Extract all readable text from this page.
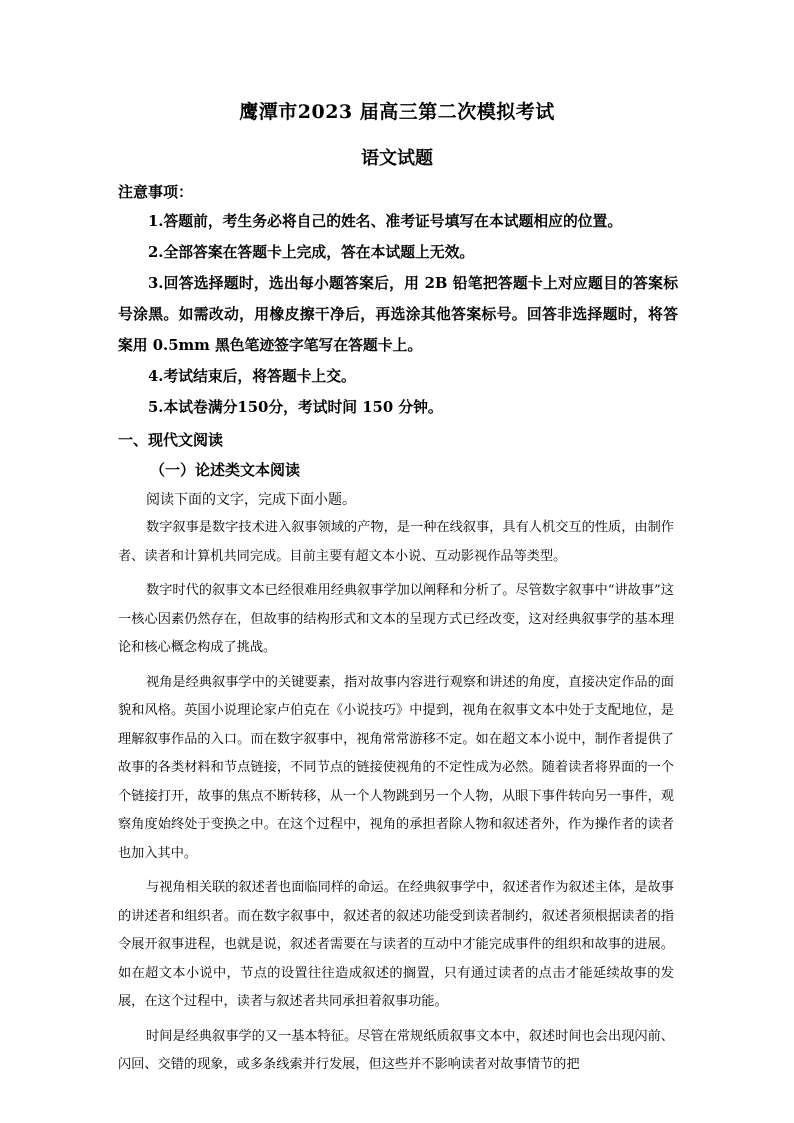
鹰潭市2023 届高三第二次模拟考试
语文试题
注意事项：

1.答题前，考生务必将自己的姓名、准考证号填写在本试题相应的位置。

2.全部答案在答题卡上完成，答在本试题上无效。

3.回答选择题时，选出每小题答案后，用 2B 铅笔把答题卡上对应题目的答案标号涂黑。如需改动，用橡皮擦干净后，再选涂其他答案标号。回答非选择题时，将答案用 0.5mm 黑色笔迹签字笔写在答题卡上。

4.考试结束后，将答题卡上交。

5.本试卷满分150分，考试时间 150 分钟。

一、现代文阅读
（一）论述类文本阅读
阅读下面的文字，完成下面小题。

数字叙事是数字技术进入叙事领域的产物，是一种在线叙事，具有人机交互的性质，由制作者、读者和计算机共同完成。目前主要有超文本小说、互动影视作品等类型。

数字时代的叙事文本已经很难用经典叙事学加以阐释和分析了。尽管数字叙事中“讲故事”这一核心因素仍然存在，但故事的结构形式和文本的呈现方式已经改变，这对经典叙事学的基本理论和核心概念构成了挑战。

视角是经典叙事学中的关键要素，指对故事内容进行观察和讲述的角度，直接决定作品的面貌和风格。英国小说理论家卢伯克在《小说技巧》中提到，视角在叙事文本中处于支配地位，是理解叙事作品的入口。而在数字叙事中，视角常常游移不定。如在超文本小说中，制作者提供了故事的各类材料和节点链接，不同节点的链接使视角的不定性成为必然。随着读者将界面的一个个链接打开，故事的焦点不断转移，从一个人物跳到另一个人物，从眼下事件转向另一事件，观察角度始终处于变换之中。在这个过程中，视角的承担者除人物和叙述者外，作为操作者的读者也加入其中。

与视角相关联的叙述者也面临同样的命运。在经典叙事学中，叙述者作为叙述主体，是故事的讲述者和组织者。而在数字叙事中，叙述者的叙述功能受到读者制约，叙述者须根据读者的指令展开叙事进程，也就是说，叙述者需要在与读者的互动中才能完成事件的组织和故事的进展。如在超文本小说中，节点的设置往往造成叙述的搁置，只有通过读者的点击才能延续故事的发展，在这个过程中，读者与叙述者共同承担着叙事功能。

时间是经典叙事学的又一基本特征。尽管在常规纸质叙事文本中，叙述时间也会出现闪前、闪回、交错的现象，或多条线索并行发展，但这些并不影响读者对故事情节的把
